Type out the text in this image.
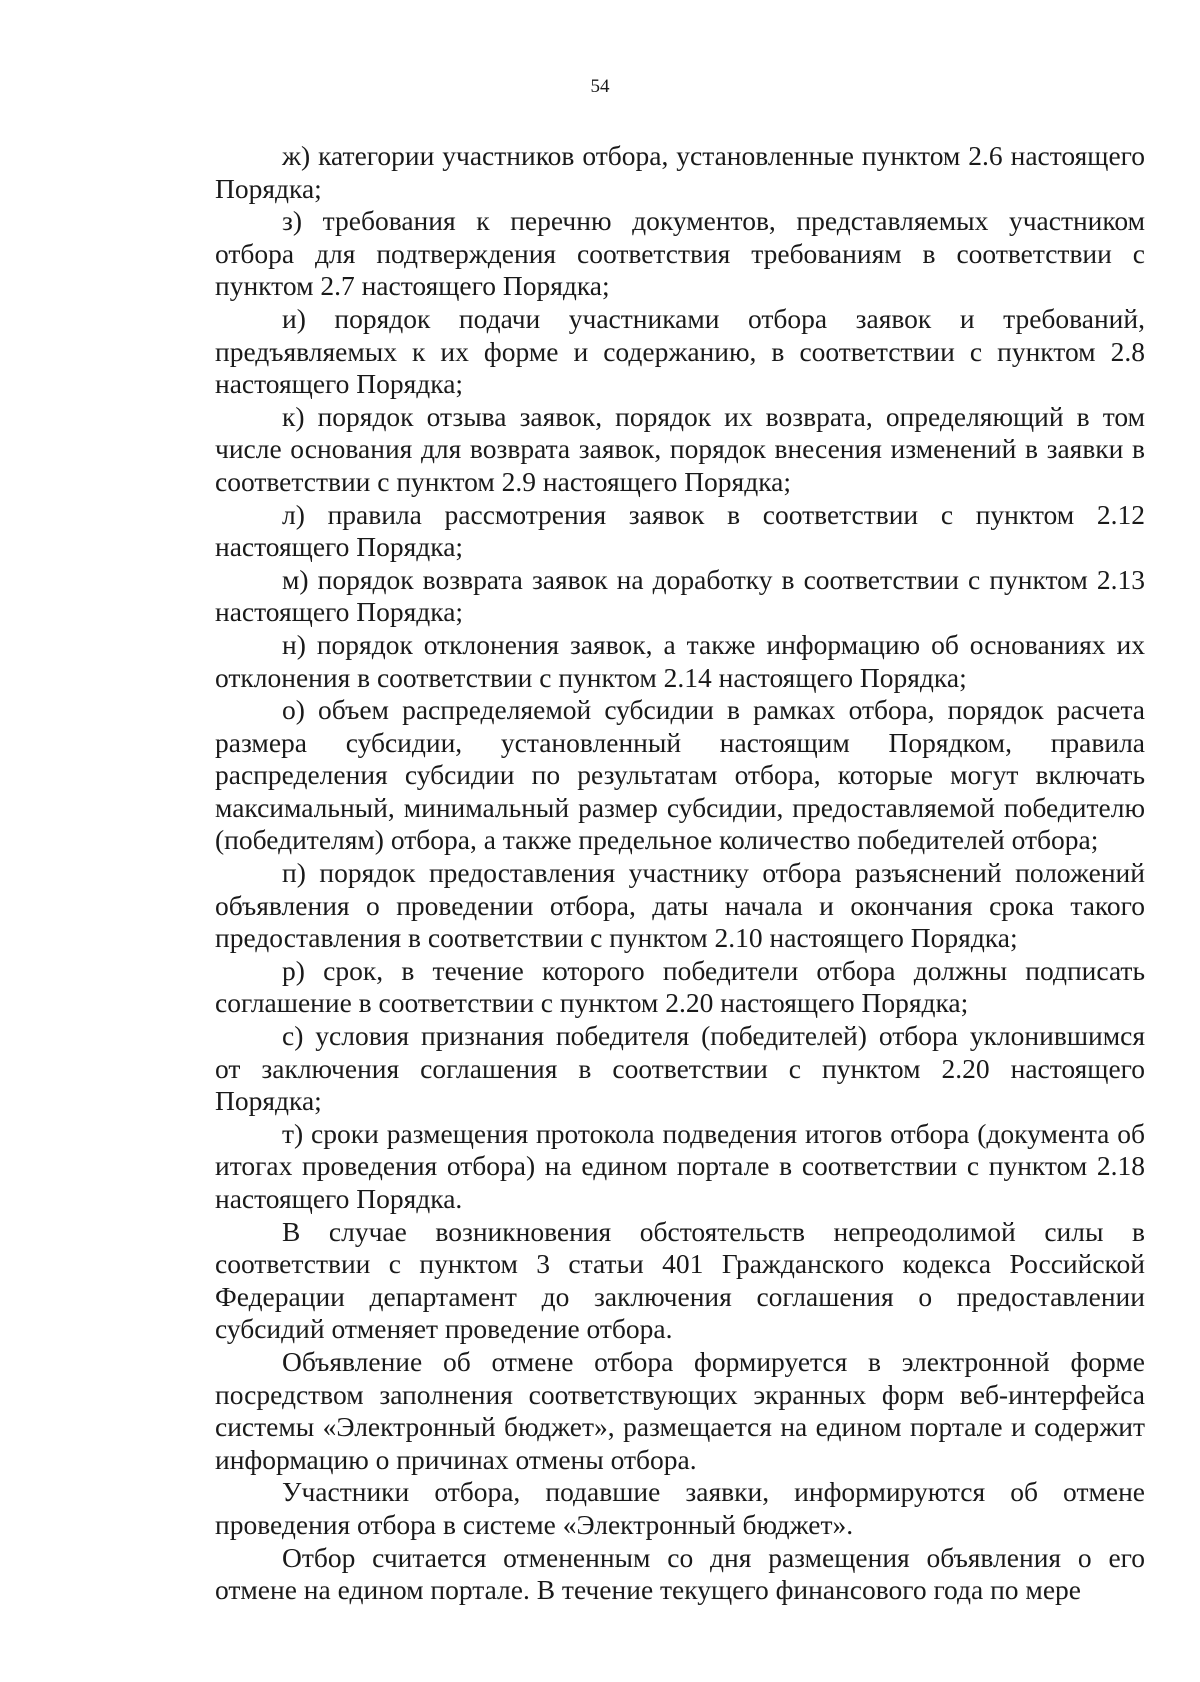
54

ж) категории участников отбора, установленные пунктом 2.6 настоящего Порядка;

з) требования к перечню документов, представляемых участником отбора для подтверждения соответствия требованиям в соответствии с пунктом 2.7 настоящего Порядка;

и) порядок подачи участниками отбора заявок и требований, предъявляемых к их форме и содержанию, в соответствии с пунктом 2.8 настоящего Порядка;

к) порядок отзыва заявок, порядок их возврата, определяющий в том числе основания для возврата заявок, порядок внесения изменений в заявки в соответствии с пунктом 2.9 настоящего Порядка;

л) правила рассмотрения заявок в соответствии с пунктом 2.12 настоящего Порядка;

м) порядок возврата заявок на доработку в соответствии с пунктом 2.13 настоящего Порядка;

н) порядок отклонения заявок, а также информацию об основаниях их отклонения в соответствии с пунктом 2.14 настоящего Порядка;

о) объем распределяемой субсидии в рамках отбора, порядок расчета размера субсидии, установленный настоящим Порядком, правила распределения субсидии по результатам отбора, которые могут включать максимальный, минимальный размер субсидии, предоставляемой победителю (победителям) отбора, а также предельное количество победителей отбора;

п) порядок предоставления участнику отбора разъяснений положений объявления о проведении отбора, даты начала и окончания срока такого предоставления в соответствии с пунктом 2.10 настоящего Порядка;

р) срок, в течение которого победители отбора должны подписать соглашение в соответствии с пунктом 2.20 настоящего Порядка;

с) условия признания победителя (победителей) отбора уклонившимся от заключения соглашения в соответствии с пунктом 2.20 настоящего Порядка;

т) сроки размещения протокола подведения итогов отбора (документа об итогах проведения отбора) на едином портале в соответствии с пунктом 2.18 настоящего Порядка.

В случае возникновения обстоятельств непреодолимой силы в соответствии с пунктом 3 статьи 401 Гражданского кодекса Российской Федерации департамент до заключения соглашения о предоставлении субсидий отменяет проведение отбора.

Объявление об отмене отбора формируется в электронной форме посредством заполнения соответствующих экранных форм веб-интерфейса системы «Электронный бюджет», размещается на едином портале и содержит информацию о причинах отмены отбора.

Участники отбора, подавшие заявки, информируются об отмене проведения отбора в системе «Электронный бюджет».

Отбор считается отмененным со дня размещения объявления о его отмене на едином портале. В течение текущего финансового года по мере
